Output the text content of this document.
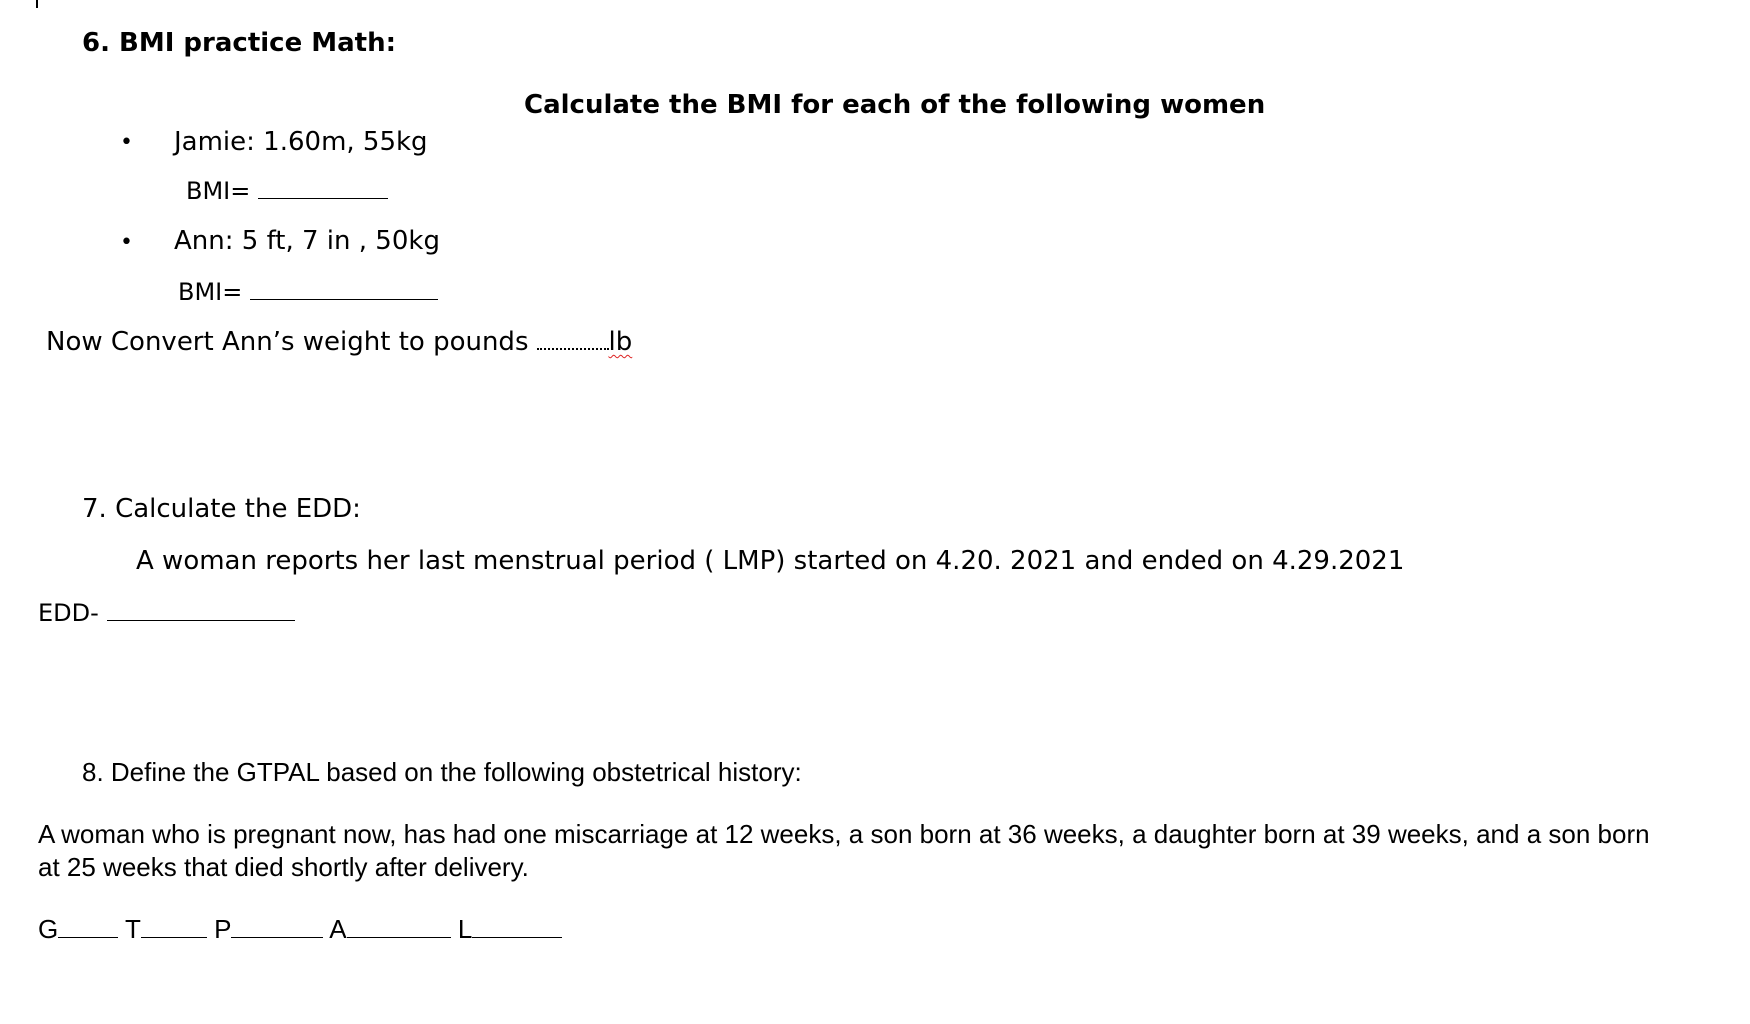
6. BMI practice Math:
Calculate the BMI for each of the following women
• Jamie: 1.60m, 55kg
BMI=
• Ann: 5 ft, 7 in , 50kg
BMI=
Now Convert Ann’s weight to pounds	lb
7. Calculate the EDD:
A woman reports her last menstrual period ( LMP) started on 4.20. 2021 and ended on 4.29.2021
EDD-
8. Define the GTPAL based on the following obstetrical history:
A woman who is pregnant now, has had one miscarriage at 12 weeks, a son born at 36 weeks, a daughter born at 39 weeks, and a son born at 25 weeks that died shortly after delivery.
G	T	P	A	L
